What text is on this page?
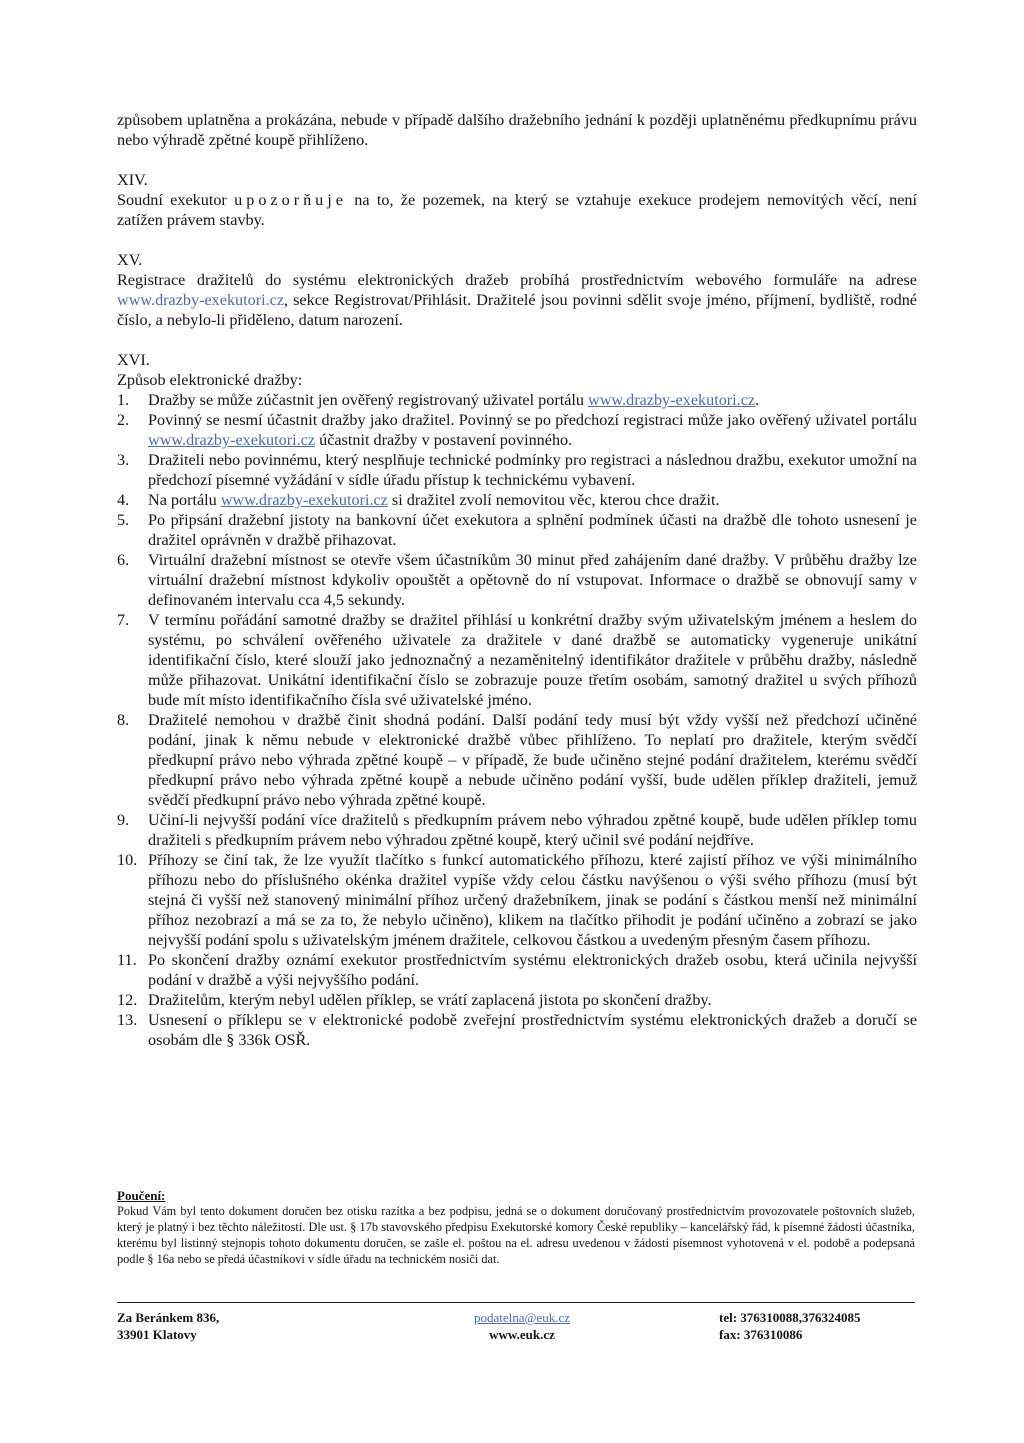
způsobem uplatněna a prokázána, nebude v případě dalšího dražebního jednání k později uplatněnému předkupnímu právu nebo výhradě zpětné koupě přihlíženo.

XIV.

Soudní exekutor upozorňuje na to, že pozemek, na který se vztahuje exekuce prodejem nemovitých věcí, není zatížen právem stavby.

XV.

Registrace dražitelů do systému elektronických dražeb probíhá prostřednictvím webového formuláře na adrese www.drazby-exekutori.cz, sekce Registrovat/Přihlásit. Dražitelé jsou povinni sdělit svoje jméno, příjmení, bydliště, rodné číslo, a nebylo-li přiděleno, datum narození.

XVI.
Způsob elektronické dražby:
1. Dražby se může zúčastnit jen ověřený registrovaný uživatel portálu www.drazby-exekutori.cz.
2. Povinný se nesmí účastnit dražby jako dražitel. Povinný se po předchozí registraci může jako ověřený uživatel portálu www.drazby-exekutori.cz účastnit dražby v postavení povinného.
3. Dražiteli nebo povinnému, který nesplňuje technické podmínky pro registraci a následnou dražbu, exekutor umožní na předchozí písemné vyžádání v sídle úřadu přístup k technickému vybavení.
4. Na portálu www.drazby-exekutori.cz si dražitel zvolí nemovitou věc, kterou chce dražit.
5. Po připsání dražební jistoty na bankovní účet exekutora a splnění podmínek účasti na dražbě dle tohoto usnesení je dražitel oprávněn v dražbě přihazovat.
6. Virtuální dražební místnost se otevře všem účastníkům 30 minut před zahájením dané dražby. V průběhu dražby lze virtuální dražební místnost kdykoliv opouštět a opětovně do ní vstupovat. Informace o dražbě se obnovují samy v definovaném intervalu cca 4,5 sekundy.
7. V termínu pořádání samotné dražby se dražitel přihlásí u konkrétní dražby svým uživatelským jménem a heslem do systému, po schválení ověřeného uživatele za dražitele v dané dražbě se automaticky vygeneruje unikátní identifikační číslo, které slouží jako jednoznačný a nezaměnitelný identifikátor dražitele v průběhu dražby, následně může přihazovat. Unikátní identifikační číslo se zobrazuje pouze třetím osobám, samotný dražitel u svých příhozů bude mít místo identifikačního čísla své uživatelské jméno.
8. Dražitelé nemohou v dražbě činit shodná podání. Další podání tedy musí být vždy vyšší než předchozí učiněné podání, jinak k němu nebude v elektronické dražbě vůbec přihlíženo. To neplatí pro dražitele, kterým svědčí předkupní právo nebo výhrada zpětné koupě – v případě, že bude učiněno stejné podání dražitelem, kterému svědčí předkupní právo nebo výhrada zpětné koupě a nebude učiněno podání vyšší, bude udělen příklep dražiteli, jemuž svědčí předkupní právo nebo výhrada zpětné koupě.
9. Učiní-li nejvyšší podání více dražitelů s předkupním právem nebo výhradou zpětné koupě, bude udělen příklep tomu dražiteli s předkupním právem nebo výhradou zpětné koupě, který učinil své podání nejdříve.
10. Příhozy se činí tak, že lze využít tlačítko s funkcí automatického příhozu, které zajistí příhoz ve výši minimálního příhozu nebo do příslušného okénka dražitel vypíše vždy celou částku navýšenou o výši svého příhozu (musí být stejná či vyšší než stanovený minimální příhoz určený dražebníkem, jinak se podání s částkou menší než minimální příhoz nezobrazí a má se za to, že nebylo učiněno), klikem na tlačítko přihodit je podání učiněno a zobrazí se jako nejvyšší podání spolu s uživatelským jménem dražitele, celkovou částkou a uvedeným přesným časem příhozu.
11. Po skončení dražby oznámí exekutor prostřednictvím systému elektronických dražeb osobu, která učinila nejvyšší podání v dražbě a výši nejvyššího podání.
12. Dražitelům, kterým nebyl udělen příklep, se vrátí zaplacená jistota po skončení dražby.
13. Usnesení o příklepu se v elektronické podobě zveřejní prostřednictvím systému elektronických dražeb a doručí se osobám dle § 336k OSŘ.
Poučení:
Pokud Vám byl tento dokument doručen bez otisku razítka a bez podpisu, jedná se o dokument doručovaný prostřednictvím provozovatele poštovních služeb, který je platný i bez těchto náležitostí. Dle ust. § 17b stavovského předpisu Exekutorské komory České republiky – kancelářský řád, k písemné žádosti účastníka, kterému byl listinný stejnopis tohoto dokumentu doručen, se zašle el. poštou na el. adresu uvedenou v žádosti písemnost vyhotovená v el. podobě a podepsaná podle § 16a nebo se předá účastníkovi v sídle úřadu na technickém nosiči dat.
Za Beránkem 836,
33901 Klatovy
podatelna@euk.cz
www.euk.cz
tel: 376310088,376324085
fax: 376310086
